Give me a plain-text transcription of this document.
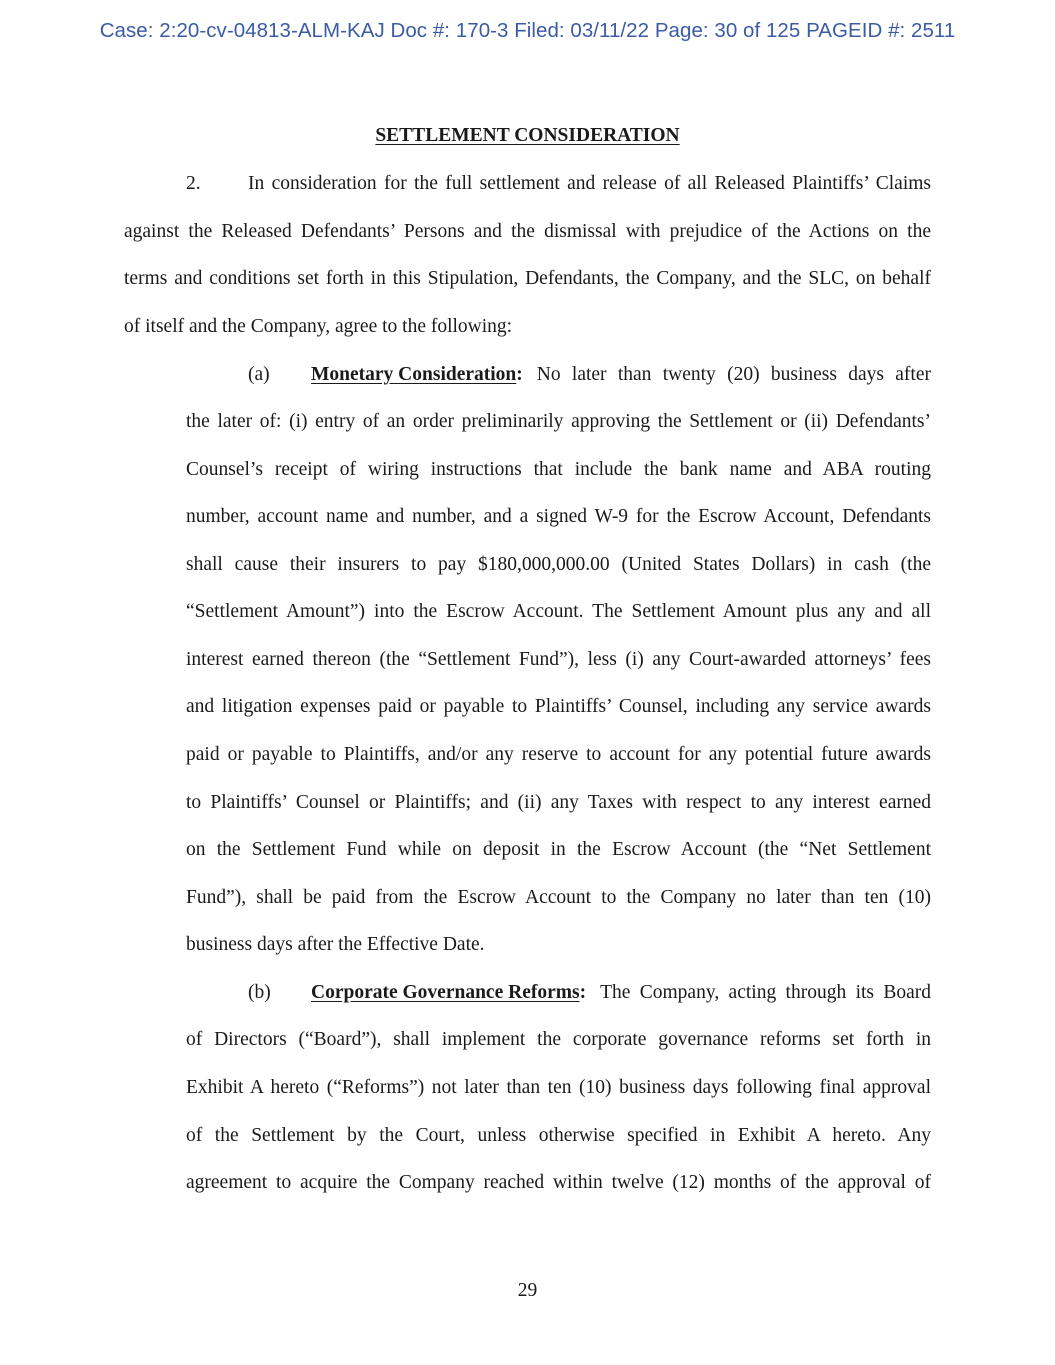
Case: 2:20-cv-04813-ALM-KAJ Doc #: 170-3 Filed: 03/11/22 Page: 30 of 125 PAGEID #: 2511
SETTLEMENT CONSIDERATION
2. In consideration for the full settlement and release of all Released Plaintiffs’ Claims
against the Released Defendants’ Persons and the dismissal with prejudice of the Actions on the
terms and conditions set forth in this Stipulation, Defendants, the Company, and the SLC, on behalf
of itself and the Company, agree to the following:
(a) Monetary Consideration: No later than twenty (20) business days after
the later of: (i) entry of an order preliminarily approving the Settlement or (ii) Defendants’
Counsel’s receipt of wiring instructions that include the bank name and ABA routing
number, account name and number, and a signed W-9 for the Escrow Account, Defendants
shall cause their insurers to pay $180,000,000.00 (United States Dollars) in cash (the
“Settlement Amount”) into the Escrow Account. The Settlement Amount plus any and all
interest earned thereon (the “Settlement Fund”), less (i) any Court-awarded attorneys’ fees
and litigation expenses paid or payable to Plaintiffs’ Counsel, including any service awards
paid or payable to Plaintiffs, and/or any reserve to account for any potential future awards
to Plaintiffs’ Counsel or Plaintiffs; and (ii) any Taxes with respect to any interest earned
on the Settlement Fund while on deposit in the Escrow Account (the “Net Settlement
Fund”), shall be paid from the Escrow Account to the Company no later than ten (10)
business days after the Effective Date.
(b) Corporate Governance Reforms: The Company, acting through its Board
of Directors (“Board”), shall implement the corporate governance reforms set forth in
Exhibit A hereto (“Reforms”) not later than ten (10) business days following final approval
of the Settlement by the Court, unless otherwise specified in Exhibit A hereto. Any
agreement to acquire the Company reached within twelve (12) months of the approval of
29
